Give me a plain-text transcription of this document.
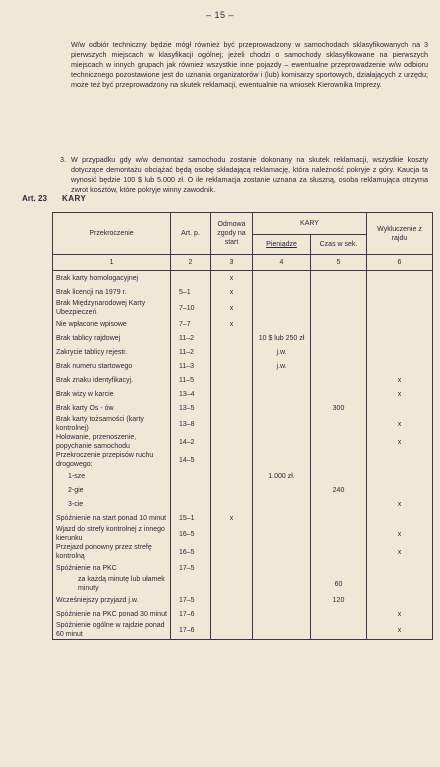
– 15 –
W/w odbiór techniczny będzie mógł również być przeprowadzony w samochodach sklasyfikowanych na 3 pierwszych miejscach w klasyfikacji ogólnej; jeżeli chodzi o samochody sklasyfikowane na pierwszych miejscach w innych grupach jak również wszystkie inne pojazdy – ewentualne przeprowadzenie w/w odbioru technicznego pozostawione jest do uznania organizatorów i (lub) komisarzy sportowych, działających z urzędu; może też być przeprowadzony na skutek reklamacji, ewentualnie na wniosek Kierownika Imprezy.
3. W przypadku gdy w/w demontaż samochodu zostanie dokonany na skutek reklamacji, wszystkie koszty dotyczące demontażu obciążać będą osobę składającą reklamację, która należność pokryje z góry. Kaucja ta wynosić będzie 100 $ lub 5.000 zł. O ile reklamacja zostanie uznana za słuszną, osoba reklamująca otrzyma zwrot kosztów, które pokryje winny zawodnik.
Art. 23 KARY
Przekroczenie	Art. p.	Odmowa zgody na start	KARY		Wykluczenie z rajdu
			Pieniądze	Czas w sek.	
1	2	3	4	5	6
Brak karty homologacyjnej		x			
Brak licencji na 1979 r.	5–1	x			
Brak Międzynarodowej Karty Ubezpieczeń	7–10	x			
Nie wpłacone wpisowe	7–7	x			
Brak tablicy rajdowej	11–2		10 $ lub 250 zł		
Zakrycie tablicy rejestr.	11–2		j.w.		
Brak numeru startowego	11–3		j.w.		
Brak znaku identyfikacyj.	11–5				x
Brak wizy w karcie	13–4				x
Brak karty Os - ów	13–5			300	
Brak karty tożsamości (karty kontrolnej)	13–8				x
Holowanie, przenoszenie, popychanie samochodu	14–2				x
Przekroczenie przepisów ruchu drogowego:	14–5				

1-sze			1.000 zł.		

2-gie				240	

3-cie					x
Spóźnienie na start ponad 10 minut	15–1	x			
Wjazd do strefy kontrolnej z innego kierunku	16–5				x
Przejazd ponowny przez strefę kontrolną	16–5				x
Spóźnienie na PKC	17–5				

za każdą minutę lub ułamek minuty				60	
Wcześniejszy przyjazd j.w.	17–5			120	
Spóźnienie na PKC ponad 30 minut	17–6				x
Spóźnienie ogólne w rajdzie ponad 60 minut	17–6				x
